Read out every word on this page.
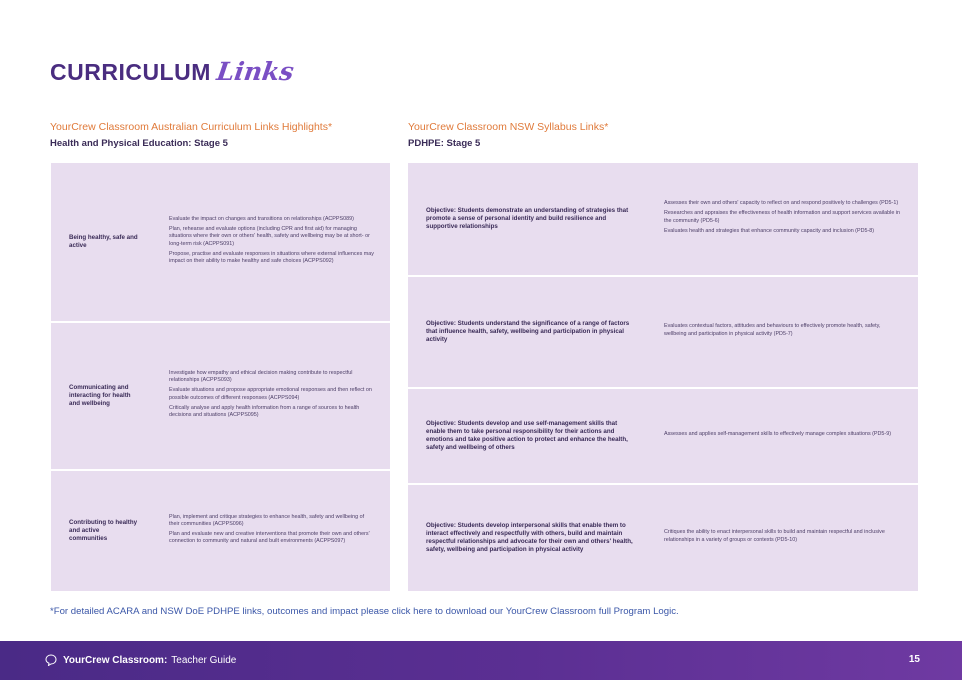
CURRICULUM Links
YourCrew Classroom Australian Curriculum Links Highlights*
Health and Physical Education: Stage 5
YourCrew Classroom NSW Syllabus Links*
PDHPE: Stage 5
Being healthy, safe and active

Evaluate the impact on changes and transitions on relationships (ACPPS089)

Plan, rehearse and evaluate options (including CPR and first aid) for managing situations where their own or others' health, safety and wellbeing may be at short- or long-term risk (ACPPS091)

Propose, practise and evaluate responses in situations where external influences may impact on their ability to make healthy and safe choices (ACPPS092)

Communicating and interacting for health and wellbeing

Investigate how empathy and ethical decision making contribute to respectful relationships (ACPPS093)

Evaluate situations and propose appropriate emotional responses and then reflect on possible outcomes of different responses (ACPPS094)

Critically analyse and apply health information from a range of sources to health decisions and situations (ACPPS095)

Contributing to healthy and active communities

Plan, implement and critique strategies to enhance health, safety and wellbeing of their communities (ACPPS096)

Plan and evaluate new and creative interventions that promote their own and others' connection to community and natural and built environments (ACPPS097)

Objective: Students demonstrate an understanding of strategies that promote a sense of personal identity and build resilience and supportive relationships

Assesses their own and others' capacity to reflect on and respond positively to challenges (PD5-1)

Researches and appraises the effectiveness of health information and support services available in the community (PD5-6)

Evaluates health and strategies that enhance community capacity and inclusion (PD5-8)

Objective: Students understand the significance of a range of factors that influence health, safety, wellbeing and participation in physical activity

Evaluates contextual factors, attitudes and behaviours to effectively promote health, safety, wellbeing and participation in physical activity (PD5-7)

Objective: Students develop and use self-management skills that enable them to take personal responsibility for their actions and emotions and take positive action to protect and enhance the health, safety and wellbeing of others

Assesses and applies self-management skills to effectively manage complex situations (PD5-9)

Objective: Students develop interpersonal skills that enable them to interact effectively and respectfully with others, build and maintain respectful relationships and advocate for their own and others' health, safety, wellbeing and participation in physical activity

Critiques the ability to enact interpersonal skills to build and maintain respectful and inclusive relationships in a variety of groups or contexts (PD5-10)

*For detailed ACARA and NSW DoE PDHPE links, outcomes and impact please click here to download our YourCrew Classroom full Program Logic.
YourCrew Classroom: Teacher Guide	15
